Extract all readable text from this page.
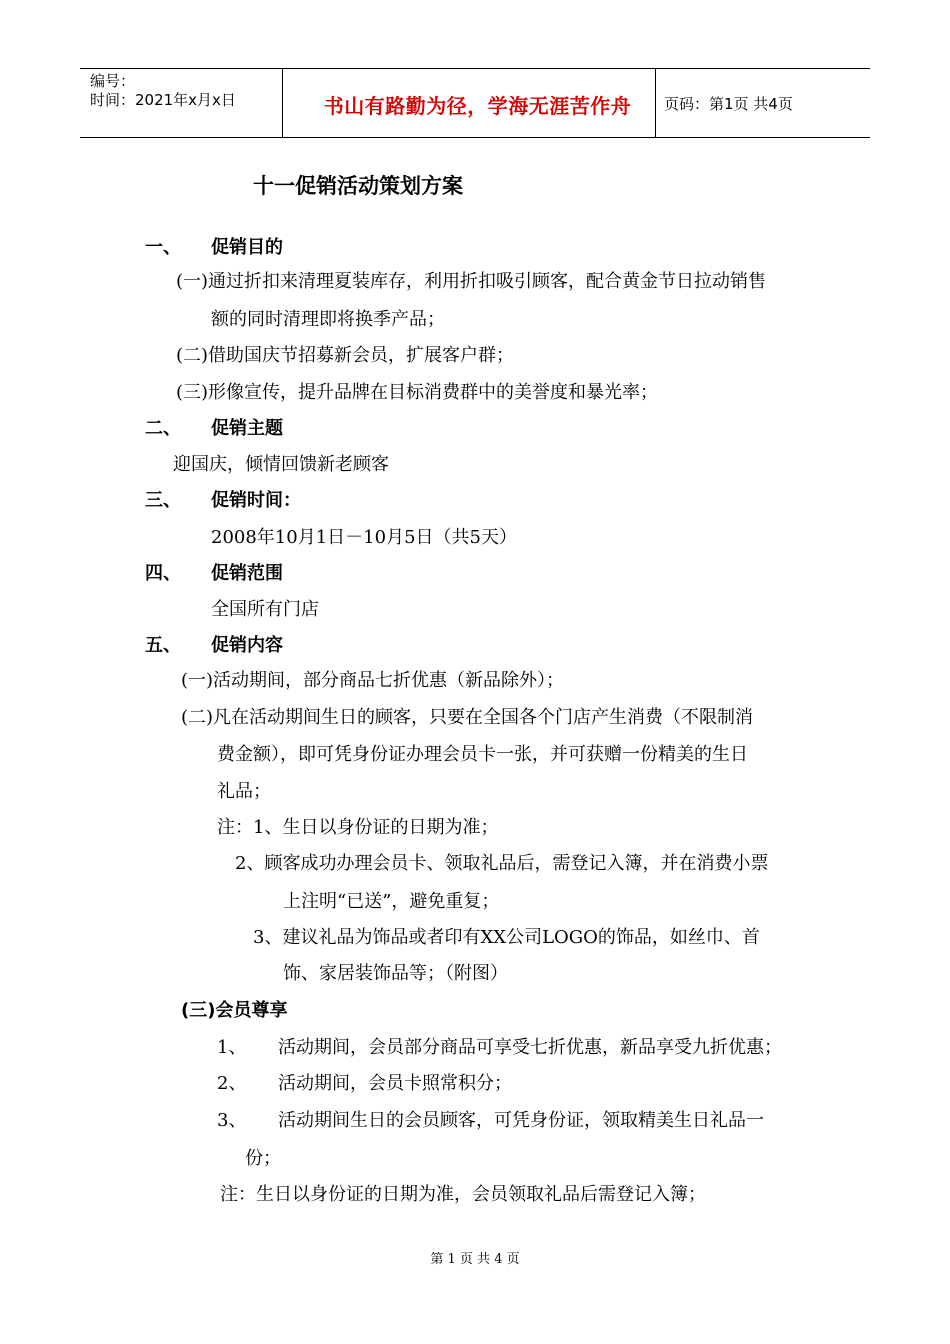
编号：
时间：2021年x月x日	书山有路勤为径，学海无涯苦作舟	页码：第1页 共4页
十一促销活动策划方案
一、 促销目的
(一)通过折扣来清理夏装库存，利用折扣吸引顾客，配合黄金节日拉动销售
额的同时清理即将换季产品；
(二)借助国庆节招募新会员，扩展客户群；
(三)形像宣传，提升品牌在目标消费群中的美誉度和暴光率；
二、 促销主题
迎国庆，倾情回馈新老顾客
三、 促销时间：
2008年10月1日－10月5日（共5天）
四、 促销范围
全国所有门店
五、 促销内容
(一)活动期间，部分商品七折优惠（新品除外）；
(二)凡在活动期间生日的顾客，只要在全国各个门店产生消费（不限制消
费金额），即可凭身份证办理会员卡一张，并可获赠一份精美的生日
礼品；
注：1、生日以身份证的日期为准；
2、顾客成功办理会员卡、领取礼品后，需登记入簿，并在消费小票
上注明“已送”，避免重复；
3、建议礼品为饰品或者印有XX公司LOGO的饰品，如丝巾、首
饰、家居装饰品等；（附图）
(三)会员尊享
1、 活动期间，会员部分商品可享受七折优惠，新品享受九折优惠；
2、 活动期间，会员卡照常积分；
3、 活动期间生日的会员顾客，可凭身份证，领取精美生日礼品一
份；
注：生日以身份证的日期为准，会员领取礼品后需登记入簿；
第 1 页 共 4 页
